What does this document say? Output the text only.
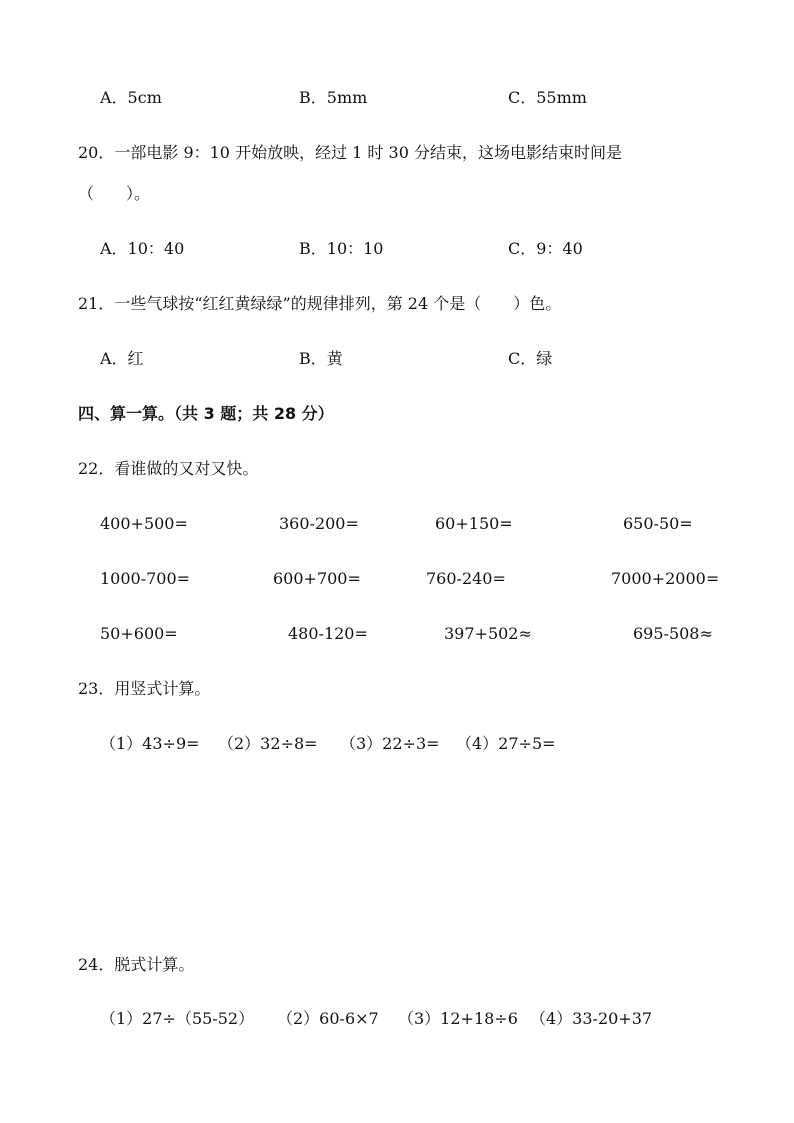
A．5cm	B．5mm	C．55mm
20．一部电影 9：10 开始放映，经过 1 时 30 分结束，这场电影结束时间是
（　　）。
A．10：40	B．10：10	C．9：40
21．一些气球按“红红黄绿绿”的规律排列，第 24 个是（　　）色。
A．红	B．黄	C．绿
四、算一算。（共 3 题；共 28 分）
22．看谁做的又对又快。
400+500=	360-200=	60+150=	650-50=
1000-700=	600+700=	760-240=	7000+2000=
50+600=	480-120=	397+502≈	695-508≈
23．用竖式计算。
（1）43÷9= （2）32÷8= （3）22÷3= （4）27÷5=
24．脱式计算。
（1）27÷（55-52） （2）60-6×7 （3）12+18÷6 （4）33-20+37
